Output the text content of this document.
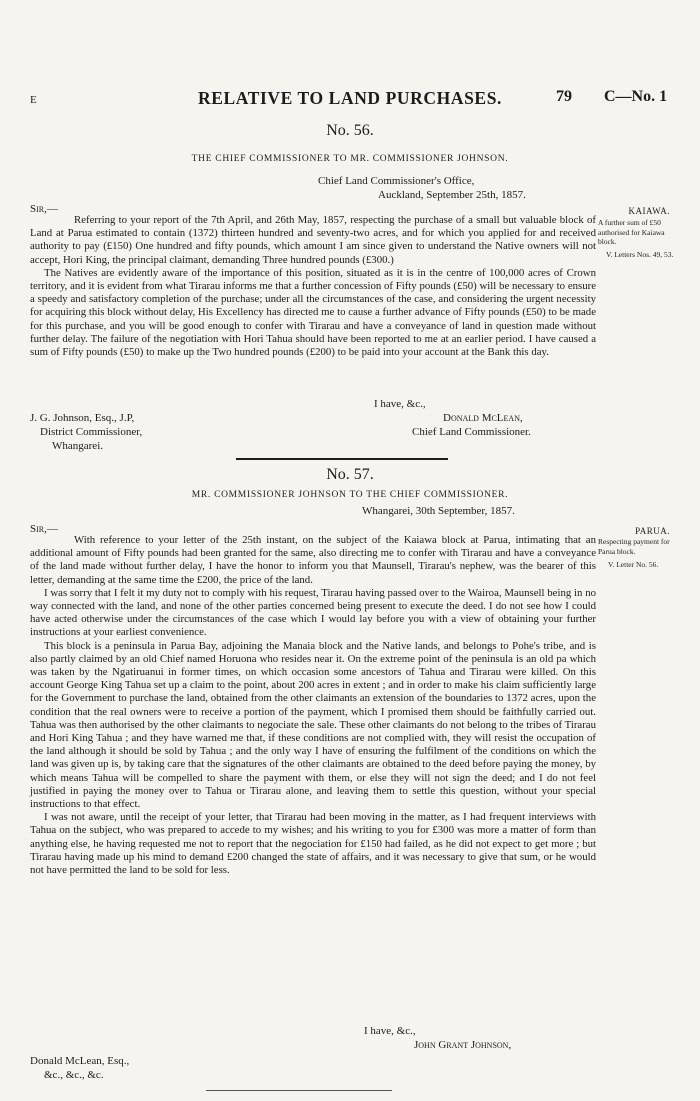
E	RELATIVE TO LAND PURCHASES.	79 C—No. 1
No. 56.
THE CHIEF COMMISSIONER TO MR. COMMISSIONER JOHNSON.
Chief Land Commissioner's Office,
Auckland, September 25th, 1857.
Sir,—	KAIAWA.
A further sum of £50 authorised for Kaiawa block.
V. Letters Nos. 49, 53.

Referring to your report of the 7th April, and 26th May, 1857, respecting the purchase of a small but valuable block of Land at Parua estimated to contain (1372) thirteen hundred and seventy-two acres, and for which you applied for and received authority to pay (£150) One hundred and fifty pounds, which amount I am since given to understand the Native owners will not accept, Hori King, the principal claimant, demanding Three hundred pounds (£300.)

The Natives are evidently aware of the importance of this position, situated as it is in the centre of 100,000 acres of Crown territory, and it is evident from what Tirarau informs me that a further concession of Fifty pounds (£50) will be necessary to ensure a speedy and satisfactory completion of the purchase; under all the circumstances of the case, and considering the urgent necessity for acquiring this block without delay, His Excellency has directed me to cause a further advance of Fifty pounds (£50) to be made for this purchase, and you will be good enough to confer with Tirarau and have a conveyance of land in question made without further delay. The failure of the negotiation with Hori Tahua should have been reported to me at an earlier period. I have caused a sum of Fifty pounds (£50) to make up the Two hundred pounds (£200) to be paid into your account at the Bank this day.

I have, &c.,
J. G. Johnson, Esq., J.P,
District Commissioner,
Whangarei.
Donald McLean,
Chief Land Commissioner.
No. 57.
MR. COMMISSIONER JOHNSON TO THE CHIEF COMMISSIONER.
Whangarei, 30th September, 1857.
Sir,—	PARUA.
Respecting payment for Parua block.
V. Letter No. 56.

With reference to your letter of the 25th instant, on the subject of the Kaiawa block at Parua, intimating that an additional amount of Fifty pounds had been granted for the same, also directing me to confer with Tirarau and have a conveyance of the land made without further delay, I have the honor to inform you that Maunsell, Tirarau's nephew, was the bearer of this letter, demanding at the same time the £200, the price of the land.

I was sorry that I felt it my duty not to comply with his request, Tirarau having passed over to the Wairoa, Maunsell being in no way connected with the land, and none of the other parties concerned being present to execute the deed. I do not see how I could have acted otherwise under the circumstances of the case which I would lay before you with a view of obtaining your further instructions at your earliest convenience.

This block is a peninsula in Parua Bay, adjoining the Manaia block and the Native lands, and belongs to Pohe's tribe, and is also partly claimed by an old Chief named Horuona who resides near it. On the extreme point of the peninsula is an old pa which was taken by the Ngatiruanui in former times, on which occasion some ancestors of Tahua and Tirarau were killed. On this account George King Tahua set up a claim to the point, about 200 acres in extent ; and in order to make his claim sufficiently large for the Government to purchase the land, obtained from the other claimants an extension of the boundaries to 1372 acres, upon the condition that the real owners were to receive a portion of the payment, which I promised them should be faithfully carried out. Tahua was then authorised by the other claimants to negociate the sale. These other claimants do not belong to the tribes of Tirarau and Hori King Tahua ; and they have warned me that, if these conditions are not complied with, they will resist the occupation of the land although it should be sold by Tahua ; and the only way I have of ensuring the fulfilment of the conditions on which the land was given up is, by taking care that the signatures of the other claimants are obtained to the deed before paying the money, by which means Tahua will be compelled to share the payment with them, or else they will not sign the deed; and I do not feel justified in paying the money over to Tahua or Tirarau alone, and leaving them to settle this question, without your special instructions to that effect.

I was not aware, until the receipt of your letter, that Tirarau had been moving in the matter, as I had frequent interviews with Tahua on the subject, who was prepared to accede to my wishes; and his writing to you for £300 was more a matter of form than anything else, he having requested me not to report that the negociation for £150 had failed, as he did not expect to get more ; but Tirarau having made up his mind to demand £200 changed the state of affairs, and it was necessary to give that sum, or he would not have permitted the land to be sold for less.

I have, &c.,
John Grant Johnson,
Donald McLean, Esq.,
&c., &c., &c.
